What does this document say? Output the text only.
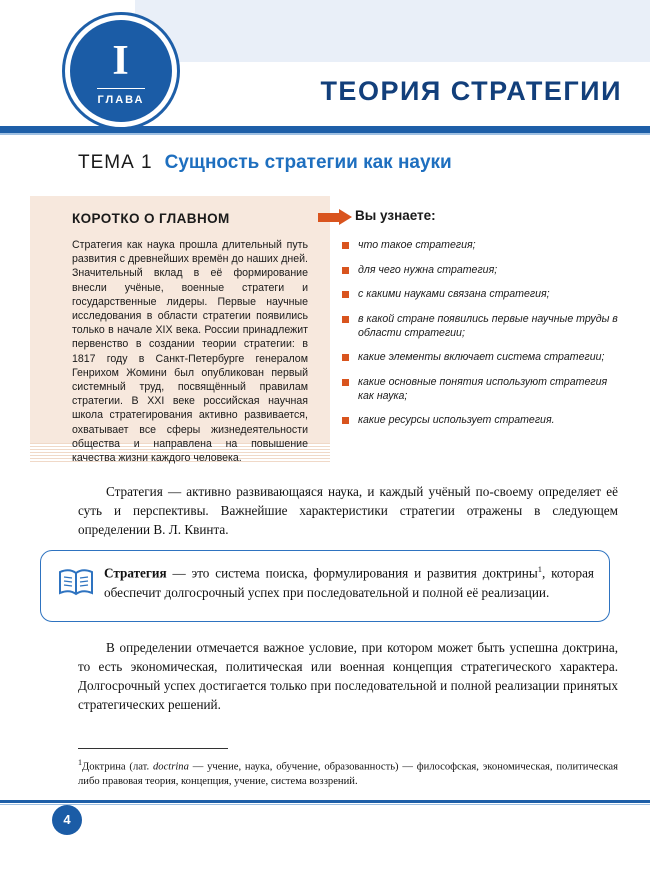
ТЕОРИЯ СТРАТЕГИИ
I
ГЛАВА
ТЕМА 1 Сущность стратегии как науки
КОРОТКО О ГЛАВНОМ
Стратегия как наука прошла длительный путь развития с древнейших времён до наших дней. Значительный вклад в её формирование внесли учёные, военные стратеги и государственные лидеры. Первые научные исследования в области стратегии появились только в начале XIX века. России принадлежит первенство в создании теории стратегии: в 1817 году в Санкт-Петербурге генералом Генрихом Жомини был опубликован первый системный труд, посвящённый правилам стратегии. В XXI веке российская научная школа стратегирования активно развивается, охватывает все сферы жизнедеятельности общества и направлена на повышение качества жизни каждого человека.
Вы узнаете:
что такое стратегия;
для чего нужна стратегия;
с какими науками связана стратегия;
в какой стране появились первые научные труды в области стратегии;
какие элементы включает система стратегии;
какие основные понятия используют стратегия как наука;
какие ресурсы использует стратегия.
Стратегия — активно развивающаяся наука, и каждый учёный по-своему определяет её суть и перспективы. Важнейшие характеристики стратегии отражены в следующем определении В. Л. Квинта.
Стратегия — это система поиска, формулирования и развития доктрины$^1$, которая обеспечит долгосрочный успех при последовательной и полной её реализации.
В определении отмечается важное условие, при котором может быть успешна доктрина, то есть экономическая, политическая или военная концепция стратегического характера. Долгосрочный успех достигается только при последовательной и полной реализации принятых стратегических решений.
$^1$Доктрина (лат. doctrina — учение, наука, обучение, образованность) — философская, экономическая, политическая либо правовая теория, концепция, учение, система воззрений.
4
